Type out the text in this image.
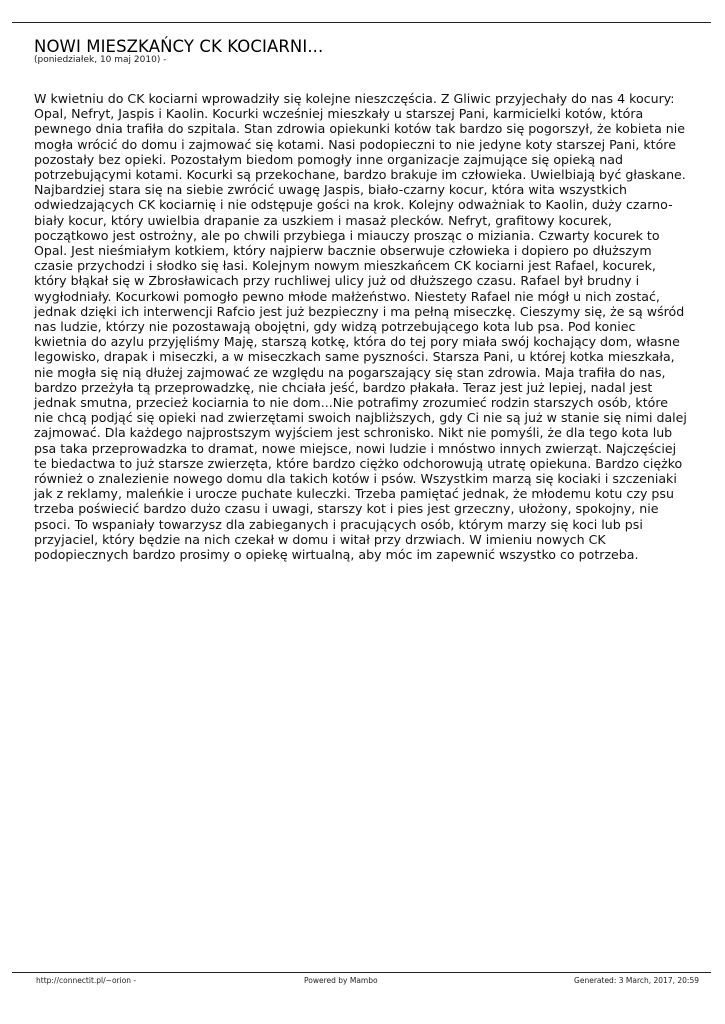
NOWI MIESZKAŃCY CK KOCIARNI...
(poniedziałek, 10 maj 2010) -

W kwietniu do CK kociarni wprowadziły się kolejne nieszczęścia. Z Gliwic przyjechały do nas 4 kocury: Opal, Nefryt, Jaspis i Kaolin. Kocurki wcześniej mieszkały u starszej Pani, karmicielki kotów, która pewnego dnia trafiła do szpitala. Stan zdrowia opiekunki kotów tak bardzo się pogorszył, że kobieta nie mogła wrócić do domu i zajmować się kotami. Nasi podopieczni to nie jedyne koty starszej Pani, które pozostały bez opieki. Pozostałym biedom pomogły inne organizacje zajmujące się opieką nad potrzebującymi kotami. Kocurki są przekochane, bardzo brakuje im człowieka. Uwielbiają być głaskane. Najbardziej stara się na siebie zwrócić uwagę Jaspis, biało-czarny kocur, która wita wszystkich odwiedzających CK kociarnię i nie odstępuje gości na krok. Kolejny odważniak to Kaolin, duży czarno-biały kocur, który uwielbia drapanie za uszkiem i masaż plecków. Nefryt, grafitowy kocurek, początkowo jest ostrożny, ale po chwili przybiega i miauczy prosząc o miziania. Czwarty kocurek to Opal. Jest nieśmiałym kotkiem, który najpierw bacznie obserwuje człowieka i dopiero po dłuższym czasie przychodzi i słodko się łasi. Kolejnym nowym mieszkańcem CK kociarni jest Rafael, kocurek, który błąkał się w Zbrosławicach przy ruchliwej ulicy już od dłuższego czasu. Rafael był brudny i wygłodniały. Kocurkowi pomogło pewno młode małżeństwo. Niestety Rafael nie mógł u nich zostać, jednak dzięki ich interwencji Rafcio jest już bezpieczny i ma pełną miseczkę. Cieszymy się, że są wśród nas ludzie, którzy nie pozostawają obojętni, gdy widzą potrzebującego kota lub psa. Pod koniec kwietnia do azylu przyjęliśmy Maję, starszą kotkę, która do tej pory miała swój kochający dom, własne legowisko, drapak i miseczki, a w miseczkach same pyszności. Starsza Pani, u której kotka mieszkała, nie mogła się nią dłużej zajmować ze względu na pogarszający się stan zdrowia. Maja trafiła do nas, bardzo przeżyła tą przeprowadzkę, nie chciała jeść, bardzo płakała. Teraz jest już lepiej, nadal jest jednak smutna, przecież kociarnia to nie dom...Nie potrafimy zrozumieć rodzin starszych osób, które nie chcą podjąć się opieki nad zwierzętami swoich najbliższych, gdy Ci nie są już w stanie się nimi dalej zajmować. Dla każdego najprostszym wyjściem jest schronisko. Nikt nie pomyśli, że dla tego kota lub psa taka przeprowadzka to dramat, nowe miejsce, nowi ludzie i mnóstwo innych zwierząt. Najczęściej te biedactwa to już starsze zwierzęta, które bardzo ciężko odchorowują utratę opiekuna. Bardzo ciężko również o znalezienie nowego domu dla takich kotów i psów. Wszystkim marzą się kociaki i szczeniaki jak z reklamy, maleńkie i urocze puchate kuleczki. Trzeba pamiętać jednak, że młodemu kotu czy psu trzeba poświecić bardzo dużo czasu i uwagi, starszy kot i pies jest grzeczny, ułożony, spokojny, nie psoci. To wspaniały towarzysz dla zabieganych i pracujących osób, którym marzy się koci lub psi przyjaciel, który będzie na nich czekał w domu i witał przy drzwiach. W imieniu nowych CK podopiecznych bardzo prosimy o opiekę wirtualną, aby móc im zapewnić wszystko co potrzeba.

http://connectit.pl/~orion -	Powered by Mambo	Generated: 3 March, 2017, 20:59
